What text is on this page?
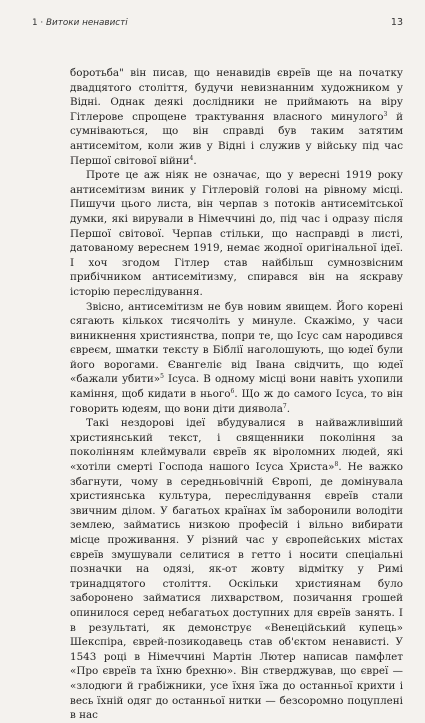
1 · Витоки ненависті	13

боротьба" він писав, що ненавидів євреїв ще на початку двадцятого століття, будучи невизнанним художником у Відні. Однак деякі дослідники не приймають на віру Гітлерове спрощене трактування власного минулого$^3$ й сумніваються, що він справді був таким затятим антисемітом, коли жив у Відні і служив у війську під час Першої світової війни$^4$.

Проте це аж ніяк не означає, що у вересні 1919 року антисемітизм виник у Гітлеровій голові на рівному місці. Пишучи цього листа, він черпав з потоків антисемітської думки, які вирували в Німеччині до, під час і одразу після Першої світової. Черпав стільки, що насправді в листі, датованому вереснем 1919, немає жодної оригінальної ідеї. І хоч згодом Гітлер став найбільш сумнозвісним прибічником антисемітизму, спирався він на яскраву історію переслідування.

Звісно, антисемітизм не був новим явищем. Його корені сягають кількох тисячоліть у минуле. Скажімо, у часи виникнення християнства, попри те, що Ісус сам народився євреєм, шматки тексту в Біблії наголошують, що юдеї були його ворогами. Євангеліє від Івана свідчить, що юдеї «бажали убити»$^5$ Ісуса. В одному місці вони навіть ухопили каміння, щоб кидати в нього$^6$. Що ж до самого Ісуса, то він говорить юдеям, що вони діти диявола$^7$.

Такі нездорові ідеї вбудувалися в найважливіший християнський текст, і священники покоління за поколінням клеймували євреїв як віроломних людей, які «хотіли смерті Господа нашого Ісуса Христа»$^8$. Не важко збагнути, чому в середньовічній Європі, де домінувала християнська культура, переслідування євреїв стали звичним ділом. У багатьох країнах їм заборонили володіти землею, займатись низкою професій і вільно вибирати місце проживання. У різний час у європейських містах євреїв змушували селитися в гетто і носити спеціальні позначки на одязі, як-от жовту відмітку у Римі тринадцятого століття. Оскільки християнам було заборонено займатися лихварством, позичання грошей опинилося серед небагатьох доступних для євреїв занять. І в результаті, як демонструє «Венеційський купець» Шекспіра, єврей-позикодавець став об'єктом ненависті. У 1543 році в Німеччині Мартін Лютер написав памфлет «Про євреїв та їхню брехню». Він стверджував, що євреї — «злодюги й грабіжники, усе їхня їжа до останньої крихти і весь їхній одяг до останньої нитки — безсоромно поцуплені в нас
